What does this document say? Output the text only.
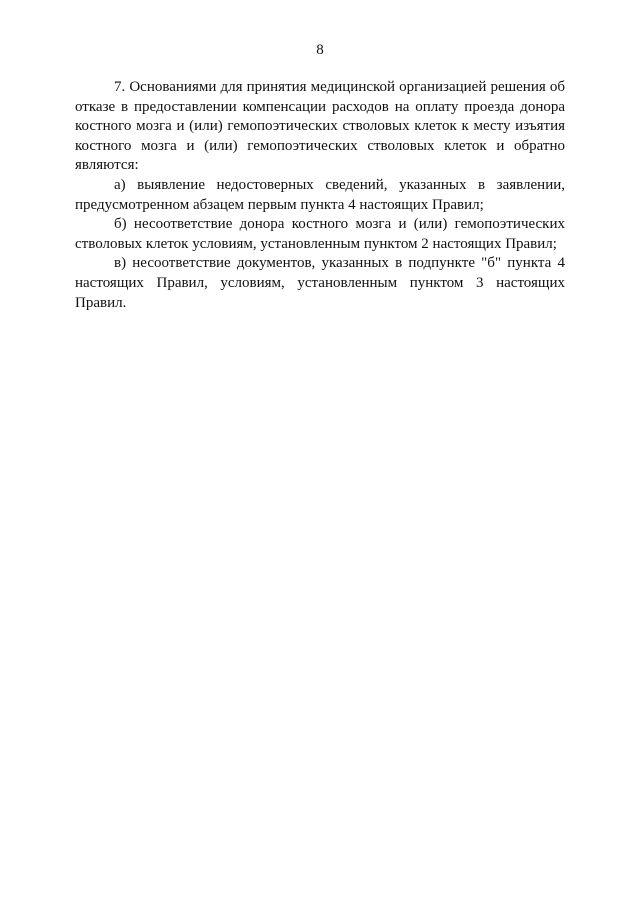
8

7. Основаниями для принятия медицинской организацией решения об отказе в предоставлении компенсации расходов на оплату проезда донора костного мозга и (или) гемопоэтических стволовых клеток к месту изъятия костного мозга и (или) гемопоэтических стволовых клеток и обратно являются:

а) выявление недостоверных сведений, указанных в заявлении, предусмотренном абзацем первым пункта 4 настоящих Правил;

б) несоответствие донора костного мозга и (или) гемопоэтических стволовых клеток условиям, установленным пунктом 2 настоящих Правил;

в) несоответствие документов, указанных в подпункте "б" пункта 4 настоящих Правил, условиям, установленным пунктом 3 настоящих Правил.
